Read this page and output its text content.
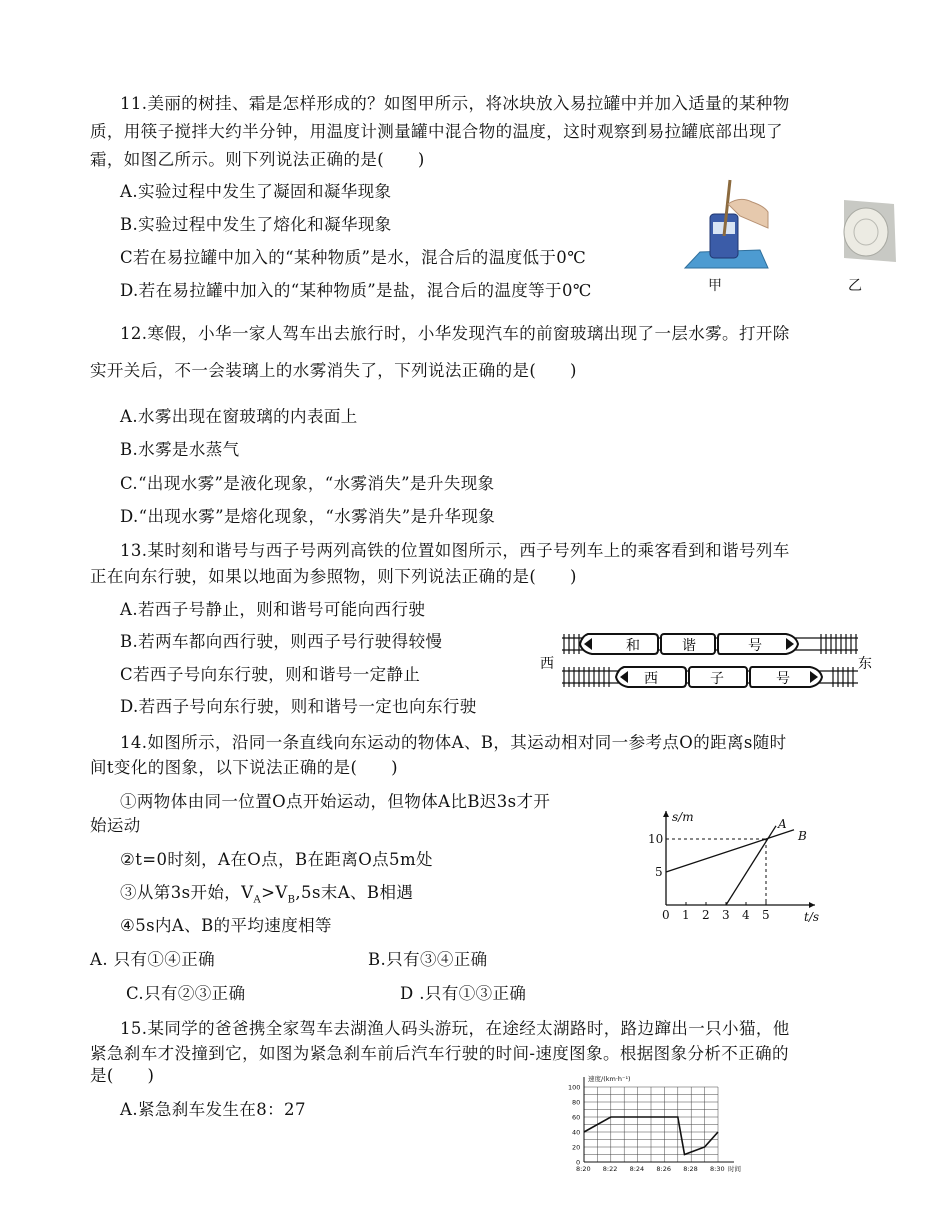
11.美丽的树挂、霜是怎样形成的？如图甲所示，将冰块放入易拉罐中并加入适量的某种物
质，用筷子搅拌大约半分钟，用温度计测量罐中混合物的温度，这时观察到易拉罐底部出现了
霜，如图乙所示。则下列说法正确的是(　　)
A.实验过程中发生了凝固和凝华现象
B.实验过程中发生了熔化和凝华现象
C若在易拉罐中加入的“某种物质”是水，混合后的温度低于0℃
D.若在易拉罐中加入的“某种物质”是盐，混合后的温度等于0℃	甲	乙
12.寒假，小华一家人驾车出去旅行时，小华发现汽车的前窗玻璃出现了一层水雾。打开除
实开关后，不一会装璃上的水雾消失了，下列说法正确的是(　　)
A.水雾出现在窗玻璃的内表面上
B.水雾是水蒸气
C.“出现水雾”是液化现象，“水雾消失”是升失现象
D.“出现水雾”是熔化现象，“水雾消失”是升华现象
13.某时刻和谐号与西子号两列高铁的位置如图所示，西子号列车上的乘客看到和谐号列车
正在向东行驶，如果以地面为参照物，则下列说法正确的是(　　)
A.若西子号静止，则和谐号可能向西行驶
B.若两车都向西行驶，则西子号行驶得较慢
C若西子号向东行驶，则和谐号一定静止
D.若西子号向东行驶，则和谐号一定也向东行驶
和	谐	号
西	子	号
西	东
14.如图所示，沿同一条直线向东运动的物体A、B，其运动相对同一参考点O的距离s随时
间t变化的图象，以下说法正确的是(　　)
①两物体由同一位置O点开始运动，但物体A比B迟3s才开
始运动
②t=0时刻，A在O点，B在距离O点5m处
③从第3s开始，$V_A>V_B,5s$末A、B相遇
④5s内A、B的平均速度相等
A. 只有①④正确	B.只有③④正确
C.只有②③正确	D .只有①③正确
s/m
t/s
0 1 2 3 4 5
5
10
A
B
15.某同学的爸爸携全家驾车去湖渔人码头游玩，在途经太湖路时，路边蹿出一只小猫，他
紧急刹车才没撞到它，如图为紧急刹车前后汽车行驶的时间-速度图象。根据图象分析不正确的
是(　　)
A.紧急刹车发生在8：27
速度/(km·h⁻¹)
时间
0
20
40
60
80
100
8:20 8:22 8:24 8:26 8:28 8:30
